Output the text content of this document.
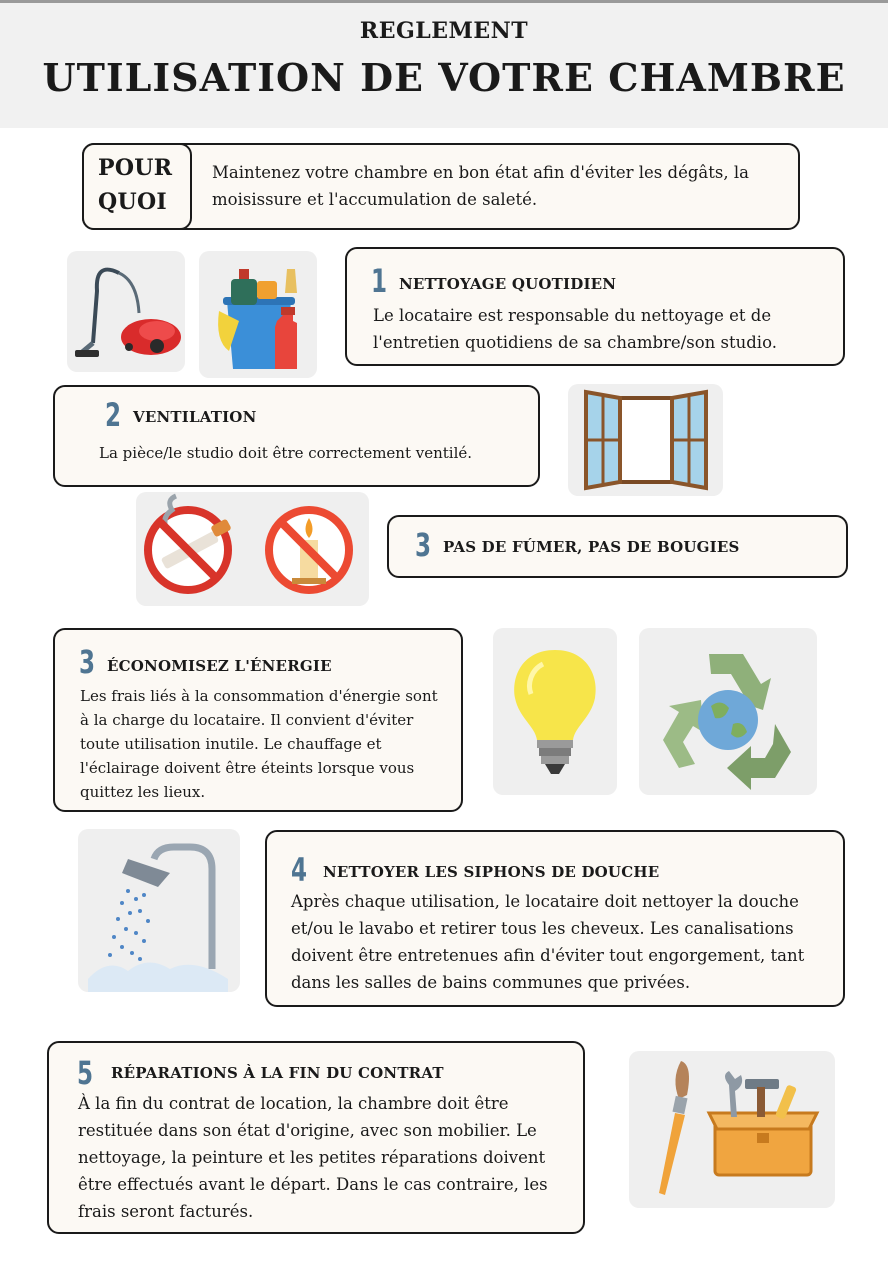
REGLEMENT
UTILISATION DE VOTRE CHAMBRE
Maintenez votre chambre en bon état afin d'éviter les dégâts, la
moisissure et l'accumulation de saleté.
POUR
QUOI
1 NETTOYAGE QUOTIDIEN
Le locataire est responsable du nettoyage et de
l'entretien quotidiens de sa chambre/son studio.
2 VENTILATION
La pièce/le studio doit être correctement ventilé.
3 PAS DE FÚMER, PAS DE BOUGIES
3 ÉCONOMISEZ L'ÉNERGIE
Les frais liés à la consommation d'énergie sont
à la charge du locataire. Il convient d'éviter
toute utilisation inutile. Le chauffage et
l'éclairage doivent être éteints lorsque vous
quittez les lieux.
4 NETTOYER LES SIPHONS DE DOUCHE
Après chaque utilisation, le locataire doit nettoyer la douche
et/ou le lavabo et retirer tous les cheveux. Les canalisations
doivent être entretenues afin d'éviter tout engorgement, tant
dans les salles de bains communes que privées.
5 RÉPARATIONS À LA FIN DU CONTRAT
À la fin du contrat de location, la chambre doit être
restituée dans son état d'origine, avec son mobilier. Le
nettoyage, la peinture et les petites réparations doivent
être effectués avant le départ. Dans le cas contraire, les
frais seront facturés.
